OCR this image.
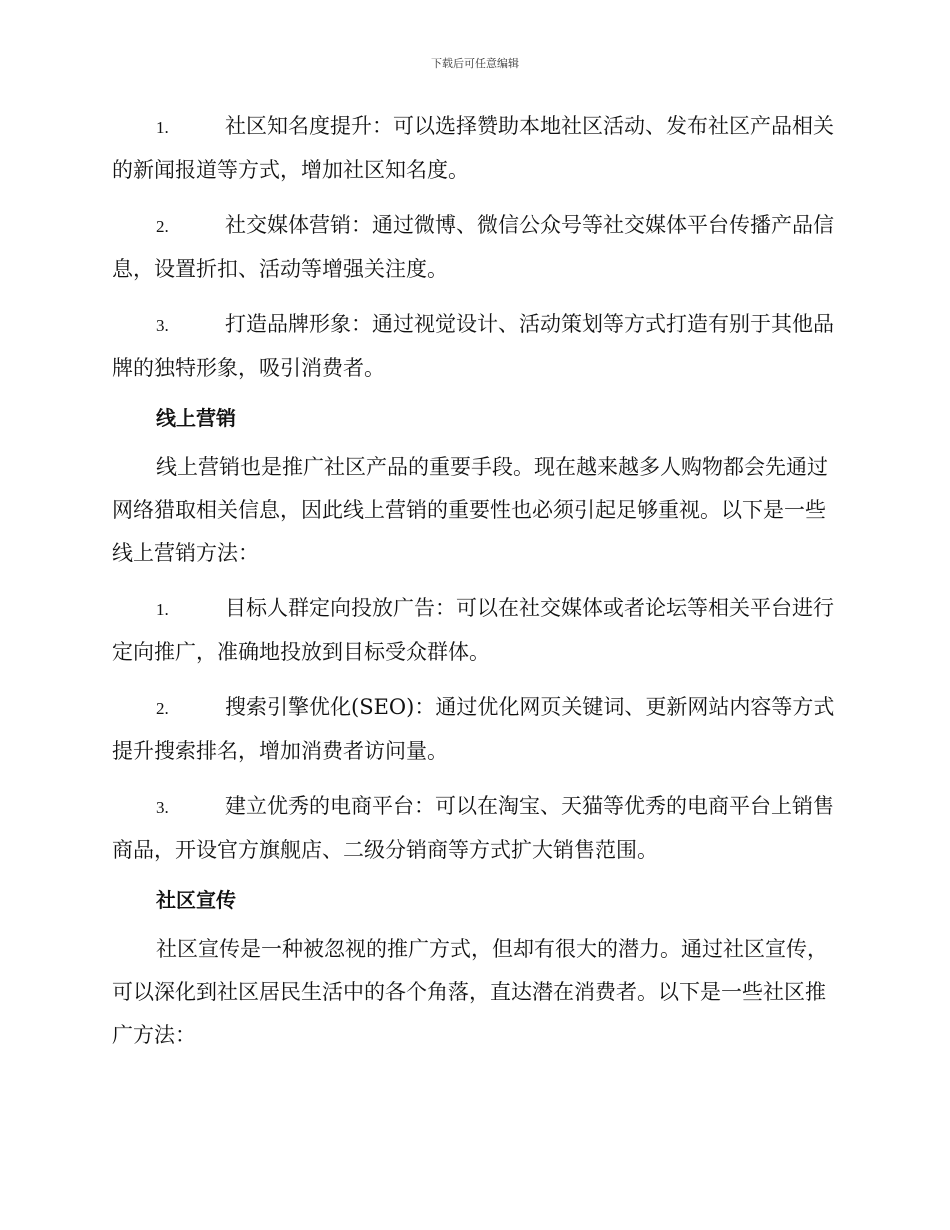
下载后可任意编辑

1.	社区知名度提升：可以选择赞助本地社区活动、发布社区产品相关的新闻报道等方式，增加社区知名度。

2.	社交媒体营销：通过微博、微信公众号等社交媒体平台传播产品信息，设置折扣、活动等增强关注度。

3.	打造品牌形象：通过视觉设计、活动策划等方式打造有别于其他品牌的独特形象，吸引消费者。

线上营销

线上营销也是推广社区产品的重要手段。现在越来越多人购物都会先通过网络猎取相关信息，因此线上营销的重要性也必须引起足够重视。以下是一些线上营销方法：

1.	目标人群定向投放广告：可以在社交媒体或者论坛等相关平台进行定向推广，准确地投放到目标受众群体。

2.	搜索引擎优化(SEO)：通过优化网页关键词、更新网站内容等方式提升搜索排名，增加消费者访问量。

3.	建立优秀的电商平台：可以在淘宝、天猫等优秀的电商平台上销售商品，开设官方旗舰店、二级分销商等方式扩大销售范围。

社区宣传

社区宣传是一种被忽视的推广方式，但却有很大的潜力。通过社区宣传，可以深化到社区居民生活中的各个角落，直达潜在消费者。以下是一些社区推广方法：
